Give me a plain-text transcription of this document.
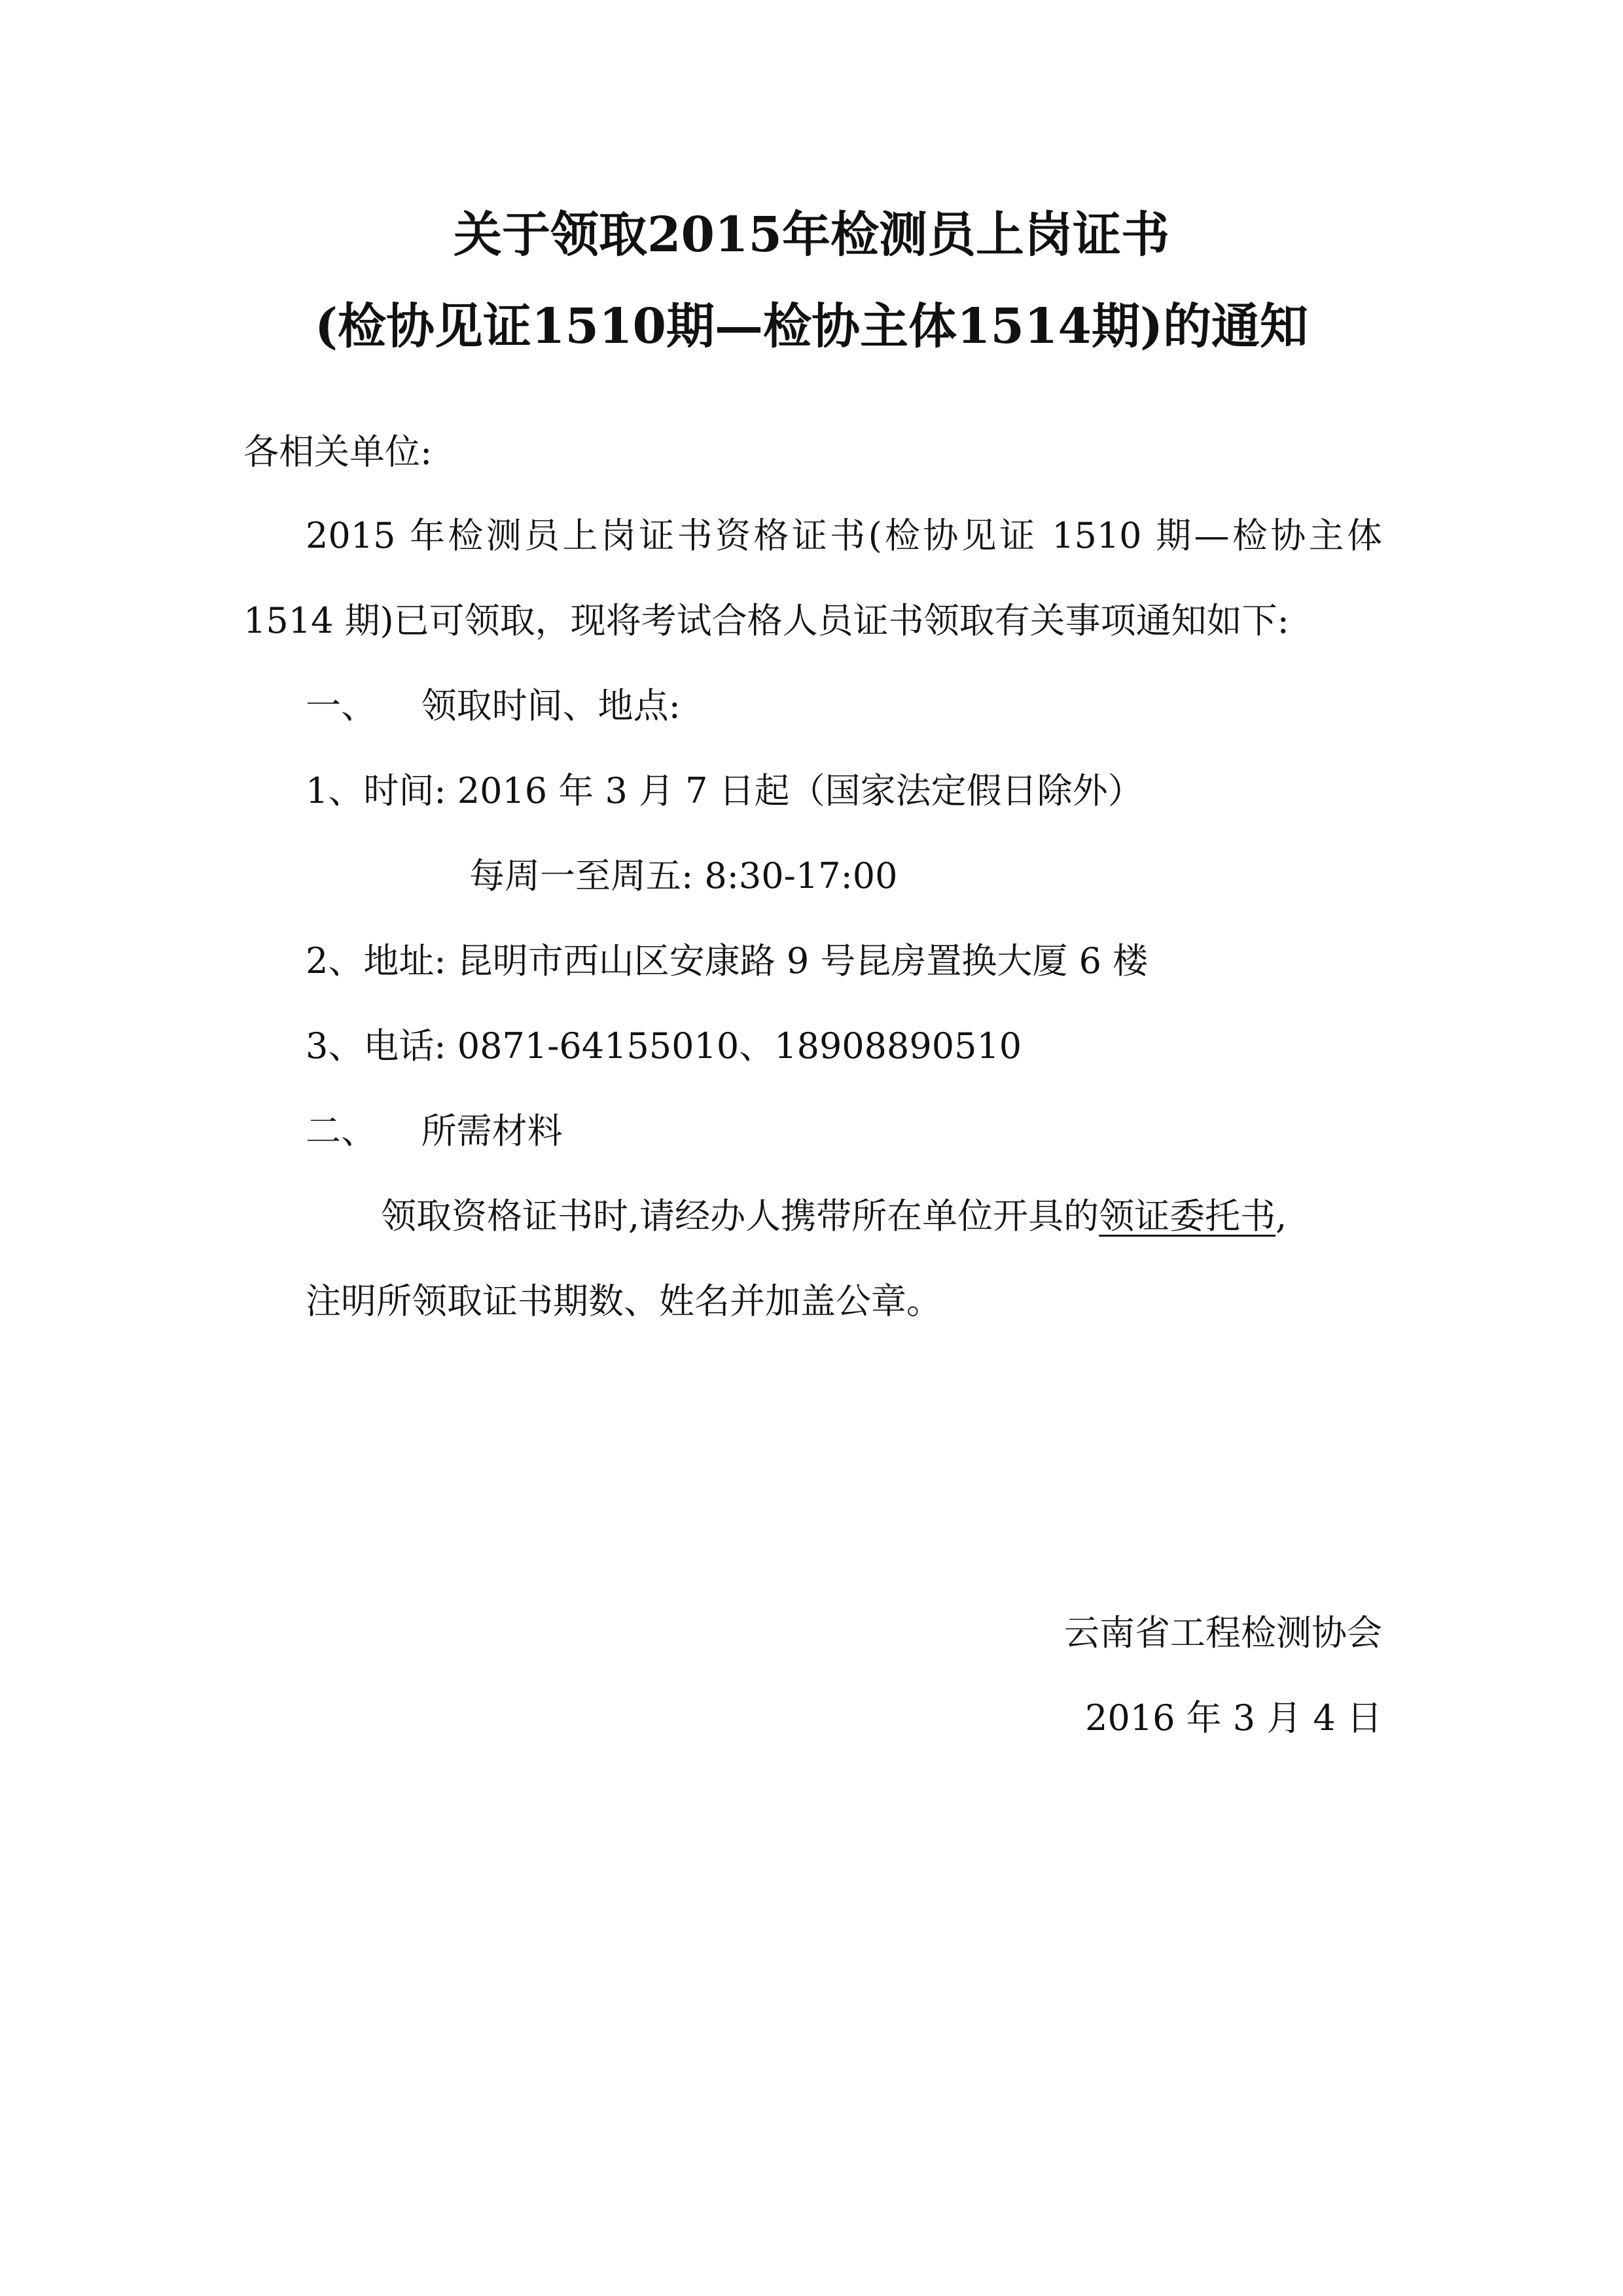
关于领取2015年检测员上岗证书
(检协见证1510期—检协主体1514期)的通知
各相关单位:
2015 年检测员上岗证书资格证书(检协见证 1510 期—检协主体
1514 期)已可领取，现将考试合格人员证书领取有关事项通知如下:
一、    领取时间、地点:
1、时间: 2016 年 3 月 7 日起（国家法定假日除外）
每周一至周五: 8:30-17:00
2、地址: 昆明市西山区安康路 9 号昆房置换大厦 6 楼
3、电话: 0871-64155010、18908890510
二、    所需材料
领取资格证书时,请经办人携带所在单位开具的领证委托书,
注明所领取证书期数、姓名并加盖公章。
云南省工程检测协会
2016 年 3 月 4 日
